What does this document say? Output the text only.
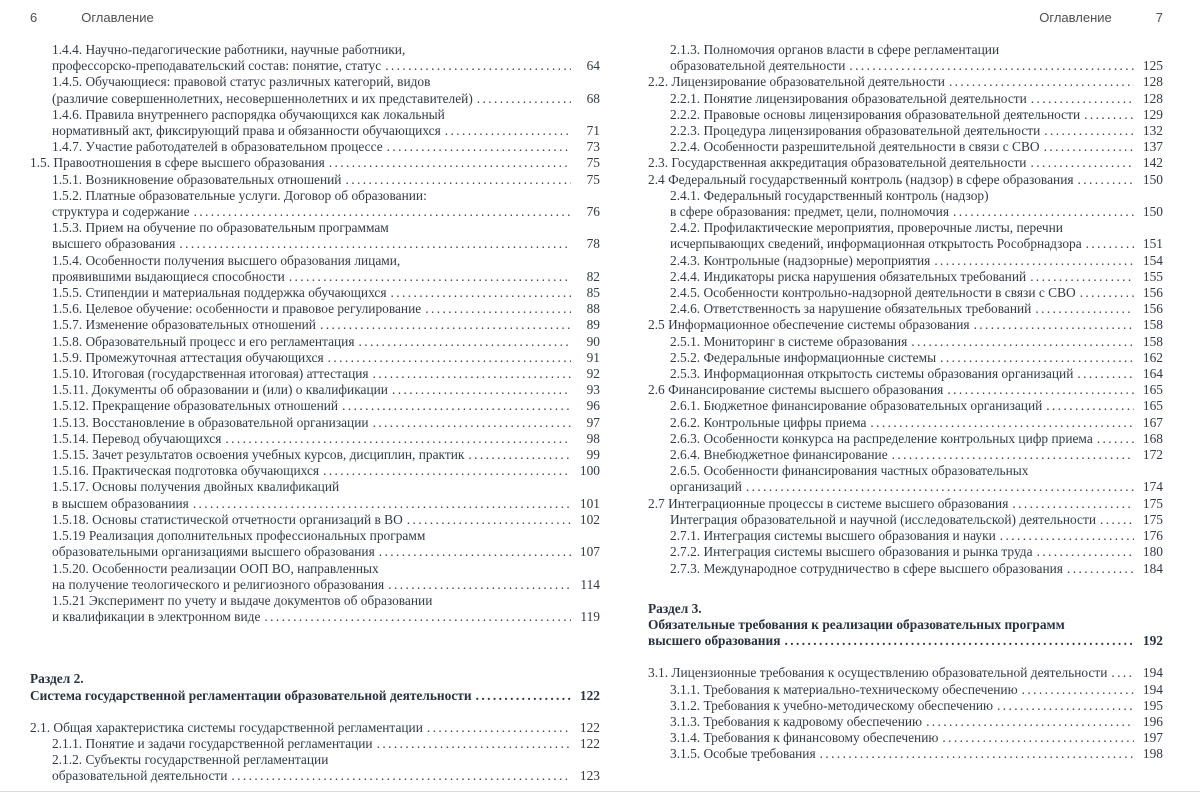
6	Оглавление
1.4.4. Научно-педагогические работники, научные работники,
профессорско-преподавательский состав: понятие, статус .....	64
1.4.5. Обучающиеся: правовой статус различных категорий, видов
(различие совершеннолетних, несовершеннолетних и их представителей) .....	68
1.4.6. Правила внутреннего распорядка обучающихся как локальный
нормативный акт, фиксирующий права и обязанности обучающихся .....	71
1.4.7. Участие работодателей в образовательном процессе .....	73
1.5. Правоотношения в сфере высшего образования .....	75
1.5.1. Возникновение образовательных отношений .....	75
1.5.2. Платные образовательные услуги. Договор об образовании:
структура и содержание .....	76
1.5.3. Прием на обучение по образовательным программам
высшего образования .....	78
1.5.4. Особенности получения высшего образования лицами,
проявившими выдающиеся способности .....	82
1.5.5. Стипендии и материальная поддержка обучающихся .....	85
1.5.6. Целевое обучение: особенности и правовое регулирование .....	88
1.5.7. Изменение образовательных отношений .....	89
1.5.8. Образовательный процесс и его регламентация .....	90
1.5.9. Промежуточная аттестация обучающихся .....	91
1.5.10. Итоговая (государственная итоговая) аттестация .....	92
1.5.11. Документы об образовании и (или) о квалификации .....	93
1.5.12. Прекращение образовательных отношений .....	96
1.5.13. Восстановление в образовательной организации .....	97
1.5.14. Перевод обучающихся .....	98
1.5.15. Зачет результатов освоения учебных курсов, дисциплин, практик .....	99
1.5.16. Практическая подготовка обучающихся .....	100
1.5.17. Основы получения двойных квалификаций
в высшем образованиия .....	101
1.5.18. Основы статистической отчетности организаций в ВО .....	102
1.5.19 Реализация дополнительных профессиональных программ
образовательными организациями высшего образования .....	107
1.5.20. Особенности реализации ООП ВО, направленных
на получение теологического и религиозного образования .....	114
1.5.21 Эксперимент по учету и выдаче документов об образовании
и квалификации в электронном виде .....	119
Раздел 2.
Система государственной регламентации образовательной деятельности .....	122
2.1. Общая характеристика системы государственной регламентации .....	122
2.1.1. Понятие и задачи государственной регламентации .....	122
2.1.2. Субъекты государственной регламентации
образовательной деятельности .....	123
Оглавление	7
2.1.3. Полномочия органов власти в сфере регламентации
образовательной деятельности .....	125
2.2. Лицензирование образовательной деятельности .....	128
2.2.1. Понятие лицензирования образовательной деятельности .....	128
2.2.2. Правовые основы лицензирования образовательной деятельности .....	129
2.2.3. Процедура лицензирования образовательной деятельности .....	132
2.2.4. Особенности разрешительной деятельности в связи с СВО .....	137
2.3. Государственная аккредитация образовательной деятельности .....	142
2.4 Федеральный государственный контроль (надзор) в сфере образования .....	150
2.4.1. Федеральный государственный контроль (надзор)
в сфере образования: предмет, цели, полномочия .....	150
2.4.2. Профилактические мероприятия, проверочные листы, перечни
исчерпывающих сведений, информационная открытость Рособрнадзора .....	151
2.4.3. Контрольные (надзорные) мероприятия .....	154
2.4.4. Индикаторы риска нарушения обязательных требований .....	155
2.4.5. Особенности контрольно-надзорной деятельности в связи с СВО .....	156
2.4.6. Ответственность за нарушение обязательных требований .....	156
2.5 Информационное обеспечение системы образования .....	158
2.5.1. Мониторинг в системе образования .....	158
2.5.2. Федеральные информационные системы .....	162
2.5.3. Информационная открытость системы образования организаций .....	164
2.6 Финансирование системы высшего образования .....	165
2.6.1. Бюджетное финансирование образовательных организаций .....	165
2.6.2. Контрольные цифры приема .....	167
2.6.3. Особенности конкурса на распределение контрольных цифр приема .....	168
2.6.4. Внебюджетное финансирование .....	172
2.6.5. Особенности финансирования частных образовательных
организаций .....	174
2.7 Интеграционные процессы в системе высшего образования .....	175
Интеграция образовательной и научной (исследовательской) деятельности .....	175
2.7.1. Интеграция системы высшего образования и науки .....	176
2.7.2. Интеграция системы высшего образования и рынка труда .....	180
2.7.3. Международное сотрудничество в сфере высшего образования .....	184
Раздел 3.
Обязательные требования к реализации образовательных программ
высшего образования .....	192
3.1. Лицензионные требования к осуществлению образовательной деятельности .....	194
3.1.1. Требования к материально-техническому обеспечению .....	194
3.1.2. Требования к учебно-методическому обеспечению .....	195
3.1.3. Требования к кадровому обеспечению .....	196
3.1.4. Требования к финансовому обеспечению .....	197
3.1.5. Особые требования .....	198
